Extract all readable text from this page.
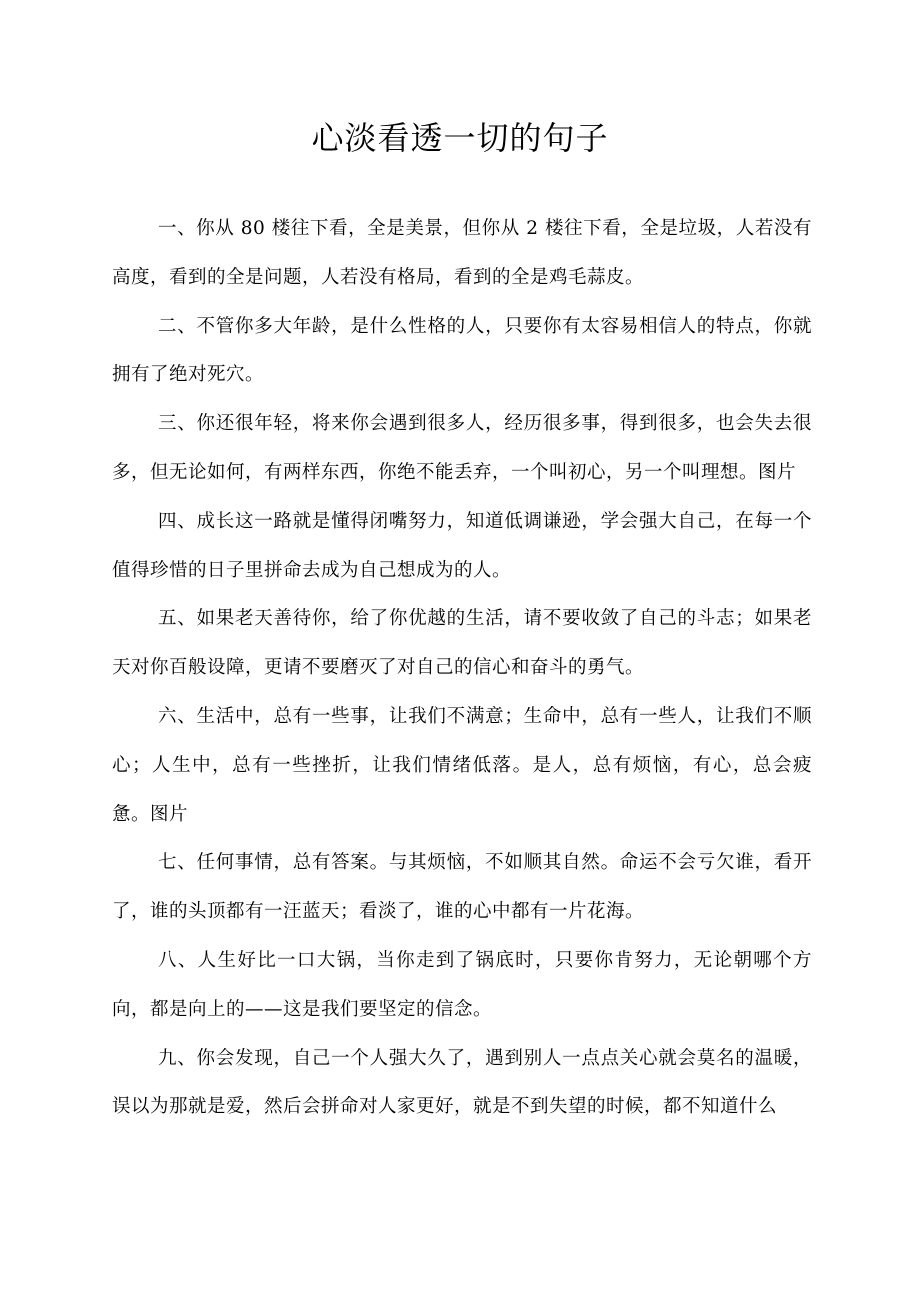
心淡看透一切的句子

一、你从 80 楼往下看，全是美景，但你从 2 楼往下看，全是垃圾，人若没有高度，看到的全是问题，人若没有格局，看到的全是鸡毛蒜皮。

二、不管你多大年龄，是什么性格的人，只要你有太容易相信人的特点，你就拥有了绝对死穴。

三、你还很年轻，将来你会遇到很多人，经历很多事，得到很多，也会失去很多，但无论如何，有两样东西，你绝不能丢弃，一个叫初心，另一个叫理想。图片

四、成长这一路就是懂得闭嘴努力，知道低调谦逊，学会强大自己，在每一个值得珍惜的日子里拼命去成为自己想成为的人。

五、如果老天善待你，给了你优越的生活，请不要收敛了自己的斗志；如果老天对你百般设障，更请不要磨灭了对自己的信心和奋斗的勇气。

六、生活中，总有一些事，让我们不满意；生命中，总有一些人，让我们不顺心；人生中，总有一些挫折，让我们情绪低落。是人，总有烦恼，有心，总会疲惫。图片

七、任何事情，总有答案。与其烦恼，不如顺其自然。命运不会亏欠谁，看开了，谁的头顶都有一汪蓝天；看淡了，谁的心中都有一片花海。

八、人生好比一口大锅，当你走到了锅底时，只要你肯努力，无论朝哪个方向，都是向上的——这是我们要坚定的信念。

九、你会发现，自己一个人强大久了，遇到别人一点点关心就会莫名的温暖，误以为那就是爱，然后会拼命对人家更好，就是不到失望的时候，都不知道什么
